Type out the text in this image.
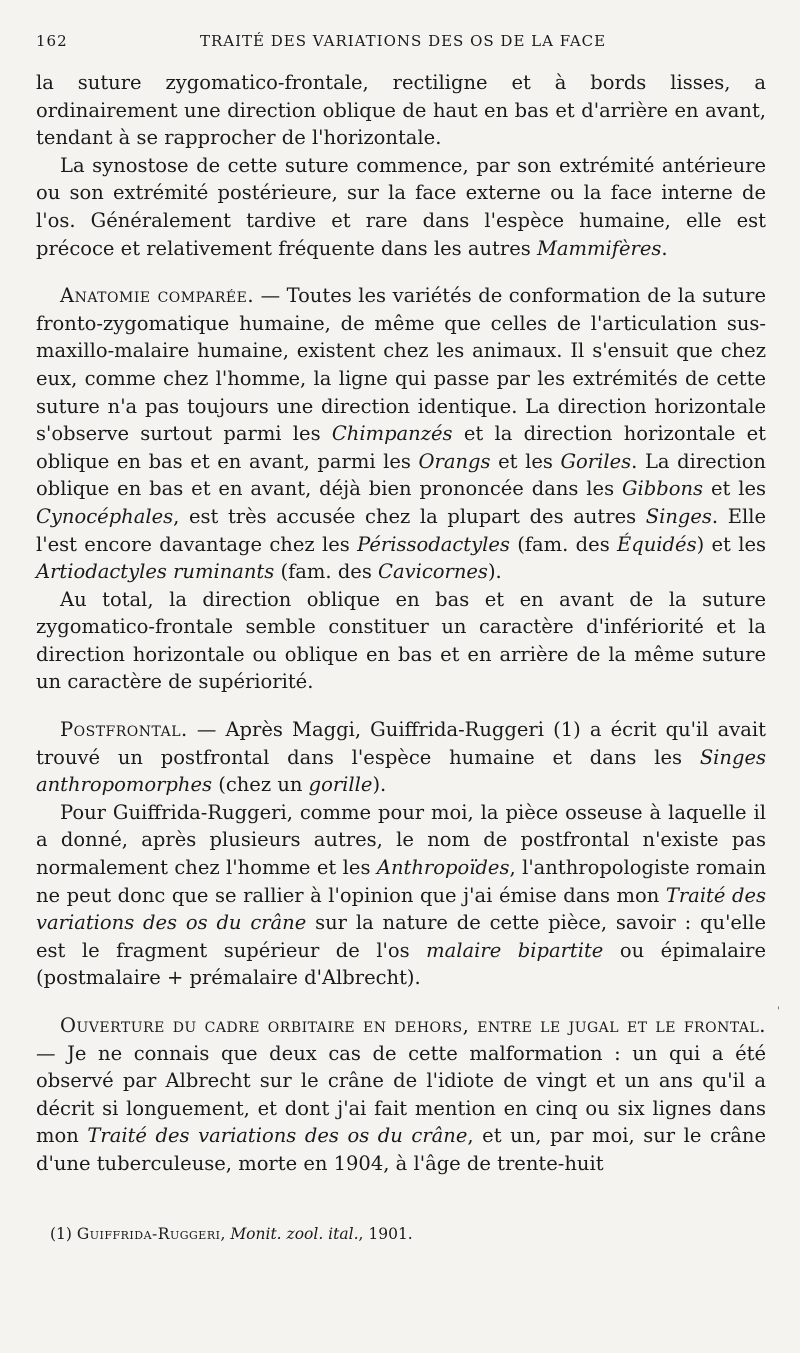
162	TRAITÉ DES VARIATIONS DES OS DE LA FACE

la suture zygomatico-frontale, rectiligne et à bords lisses, a ordinairement une direction oblique de haut en bas et d'arrière en avant, tendant à se rapprocher de l'horizontale.

La synostose de cette suture commence, par son extrémité antérieure ou son extrémité postérieure, sur la face externe ou la face interne de l'os. Généralement tardive et rare dans l'espèce humaine, elle est précoce et relativement fréquente dans les autres Mammifères.

Anatomie comparée. — Toutes les variétés de conformation de la suture fronto-zygomatique humaine, de même que celles de l'articulation sus-maxillo-malaire humaine, existent chez les animaux. Il s'ensuit que chez eux, comme chez l'homme, la ligne qui passe par les extrémités de cette suture n'a pas toujours une direction identique. La direction horizontale s'observe surtout parmi les Chimpanzés et la direction horizontale et oblique en bas et en avant, parmi les Orangs et les Goriles. La direction oblique en bas et en avant, déjà bien prononcée dans les Gibbons et les Cynocéphales, est très accusée chez la plupart des autres Singes. Elle l'est encore davantage chez les Périssodactyles (fam. des Équidés) et les Artiodactyles ruminants (fam. des Cavicornes).

Au total, la direction oblique en bas et en avant de la suture zygomatico-frontale semble constituer un caractère d'infériorité et la direction horizontale ou oblique en bas et en arrière de la même suture un caractère de supériorité.

Postfrontal. — Après Maggi, Guiffrida-Ruggeri (1) a écrit qu'il avait trouvé un postfrontal dans l'espèce humaine et dans les Singes anthropomorphes (chez un gorille).

Pour Guiffrida-Ruggeri, comme pour moi, la pièce osseuse à laquelle il a donné, après plusieurs autres, le nom de postfrontal n'existe pas normalement chez l'homme et les Anthropoïdes, l'anthropologiste romain ne peut donc que se rallier à l'opinion que j'ai émise dans mon Traité des variations des os du crâne sur la nature de cette pièce, savoir : qu'elle est le fragment supérieur de l'os malaire bipartite ou épimalaire (postmalaire + prémalaire d'Albrecht).

Ouverture du cadre orbitaire en dehors, entre le jugal et le frontal. — Je ne connais que deux cas de cette malformation : un qui a été observé par Albrecht sur le crâne de l'idiote de vingt et un ans qu'il a décrit si longuement, et dont j'ai fait mention en cinq ou six lignes dans mon Traité des variations des os du crâne, et un, par moi, sur le crâne d'une tuberculeuse, morte en 1904, à l'âge de trente-huit

(1) Guiffrida-Ruggeri, Monit. zool. ital., 1901.
'
